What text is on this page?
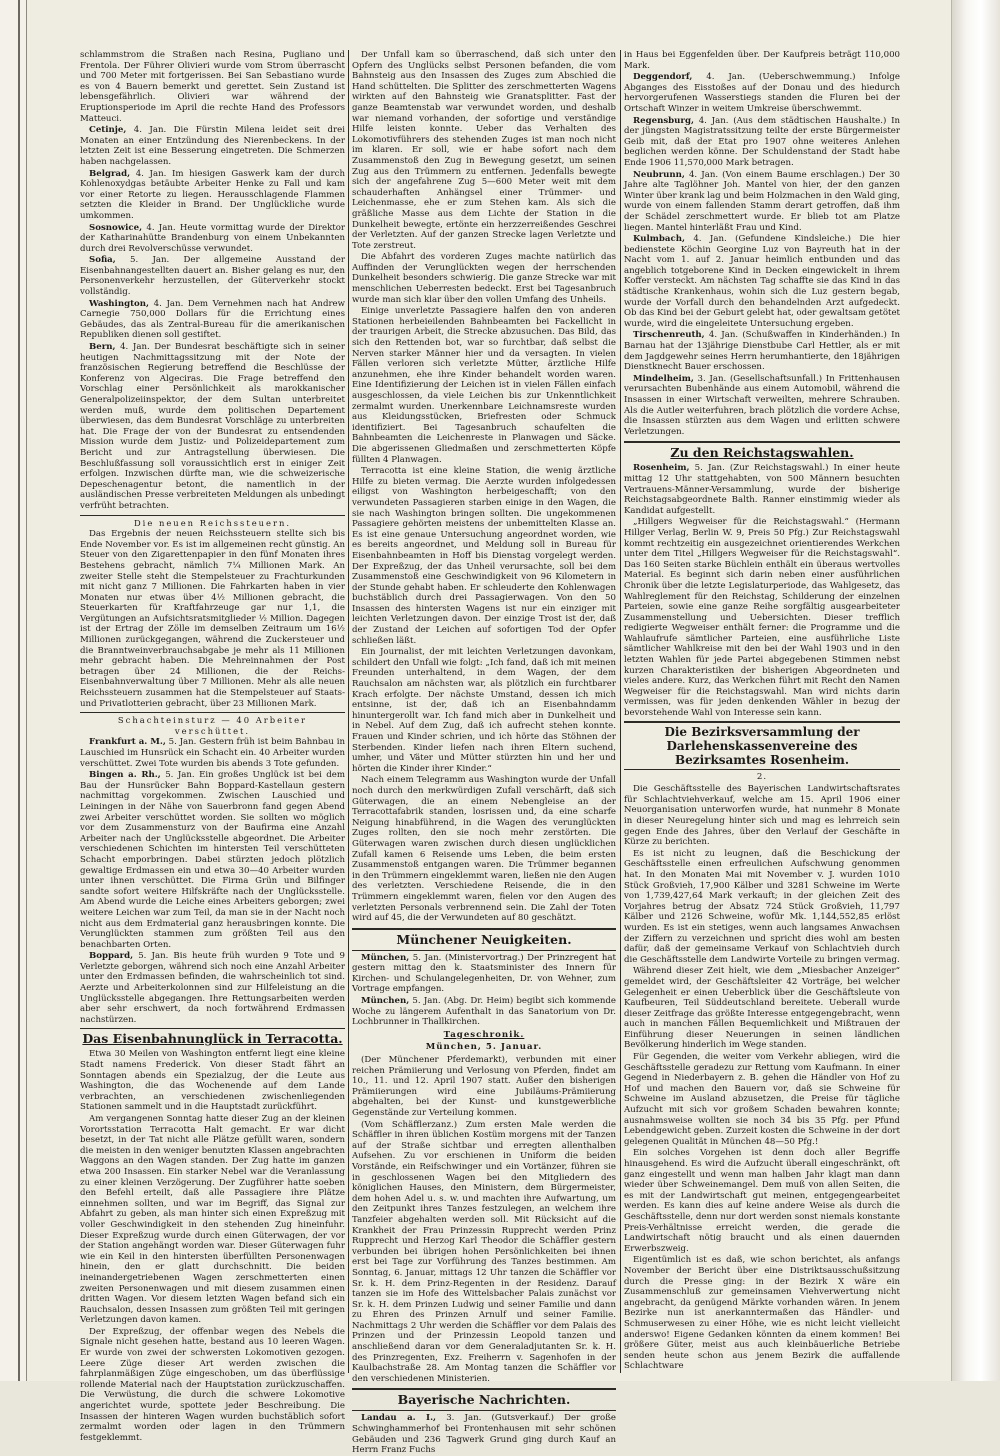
schlammstrom die Straßen nach Resina, Pugliano und Frentola. Der Führer Olivieri wurde vom Strom überrascht und 700 Meter mit fortgerissen. Bei San Sebastiano wurde es von 4 Bauern bemerkt und gerettet. Sein Zustand ist lebensgefährlich. Olivieri war während der Eruptionsperiode im April die rechte Hand des Professors Matteuci.

Cetinje, 4. Jan. Die Fürstin Milena leidet seit drei Monaten an einer Entzündung des Nierenbeckens. In der letzten Zeit ist eine Besserung eingetreten. Die Schmerzen haben nachgelassen.

Belgrad, 4. Jan. Im hiesigen Gaswerk kam der durch Kohlenoxydgas betäubte Arbeiter Henke zu Fall und kam vor einer Retorte zu liegen. Herausschlagende Flammen setzten die Kleider in Brand. Der Unglückliche wurde umkommen.

Sosnowice, 4. Jan. Heute vormittag wurde der Direktor der Katharinahütte Brandenburg von einem Unbekannten durch drei Revolverschüsse verwundet.

Sofia, 5. Jan. Der allgemeine Ausstand der Eisenbahnangestellten dauert an. Bisher gelang es nur, den Personenverkehr herzustellen, der Güterverkehr stockt vollständig.

Washington, 4. Jan. Dem Vernehmen nach hat Andrew Carnegie 750,000 Dollars für die Errichtung eines Gebäudes, das als Zentral-Bureau für die amerikanischen Republiken dienen soll gestiftet.

Bern, 4. Jan. Der Bundesrat beschäftigte sich in seiner heutigen Nachmittagssitzung mit der Note der französischen Regierung betreffend die Beschlüsse der Konferenz von Algeciras. Die Frage betreffend den Vorschlag einer Persönlichkeit als marokkanischer Generalpolizeiinspektor, der dem Sultan unterbreitet werden muß, wurde dem politischen Departement überwiesen, das dem Bundesrat Vorschläge zu unterbreiten hat. Die Frage der von der Bundesrat zu entsendenden Mission wurde dem Justiz- und Polizeidepartement zum Bericht und zur Antragstellung überwiesen. Die Beschlußfassung soll voraussichtlich erst in einiger Zeit erfolgen. Inzwischen dürfte man, wie die schweizerische Depeschenagentur betont, die namentlich in der ausländischen Presse verbreiteten Meldungen als unbedingt verfrüht betrachten.

Die neuen Reichssteuern.

Das Ergebnis der neuen Reichssteuern stellte sich bis Ende November vor. Es ist im allgemeinen recht günstig. An Steuer von den Zigarettenpapier in den fünf Monaten ihres Bestehens gebracht, nämlich 7¼ Millionen Mark. An zweiter Stelle steht die Stempelsteuer zu Frachturkunden mit nicht ganz 7 Millionen. Die Fahrkarten haben in vier Monaten nur etwas über 4½ Millionen gebracht, die Steuerkarten für Kraftfahrzeuge gar nur 1,1, die Vergütungen an Aufsichtsratsmitglieder ½ Million. Dagegen ist der Ertrag der Zölle im demselben Zeitraum um 16½ Millionen zurückgegangen, während die Zuckersteuer und die Branntweinverbrauchsabgabe je mehr als 11 Millionen mehr gebracht haben. Die Mehreinnahmen der Post betragen über 24 Millionen, die der Reichs-Eisenbahnverwaltung über 7 Millionen. Mehr als alle neuen Reichssteuern zusammen hat die Stempelsteuer auf Staats- und Privatlotterien gebracht, über 23 Millionen Mark.

Schachteinsturz — 40 Arbeiter verschüttet.

Frankfurt a. M., 5. Jan. Gestern früh ist beim Bahnbau in Lauschied im Hunsrück ein Schacht ein. 40 Arbeiter wurden verschüttet. Zwei Tote wurden bis abends 3 Tote gefunden.

Bingen a. Rh., 5. Jan. Ein großes Unglück ist bei dem Bau der Hunsrücker Bahn Boppard-Kastellaun gestern nachmittag vorgekommen. Zwischen Lauschied und Leiningen in der Nähe von Sauerbronn fand gegen Abend zwei Arbeiter verschüttet worden. Sie sollten wo möglich vor dem Zusammensturz von der Baufirma eine Anzahl Arbeiter nach der Unglücksstelle abgeordnet. Die Arbeiter verschiedenen Schichten im hintersten Teil verschütteten Schacht emporbringen. Dabei stürzten jedoch plötzlich gewaltige Erdmassen ein und etwa 30—40 Arbeiter wurden unter ihnen verschüttet. Die Firma Grün und Bilfinger sandte sofort weitere Hilfskräfte nach der Unglücksstelle. Am Abend wurde die Leiche eines Arbeiters geborgen; zwei weitere Leichen war zum Teil, da man sie in der Nacht noch nicht aus dem Erdmaterial ganz herausbringen konnte. Die Verunglückten stammen zum größten Teil aus den benachbarten Orten.

Boppard, 5. Jan. Bis heute früh wurden 9 Tote und 9 Verletzte geborgen, während sich noch eine Anzahl Arbeiter unter den Erdmassen befinden, die wahrscheinlich tot sind. Aerzte und Arbeiterkolonnen sind zur Hilfeleistung an die Unglücksstelle abgegangen. Ihre Rettungsarbeiten werden aber sehr erschwert, da noch fortwährend Erdmassen nachstürzen.

Das Eisenbahnunglück in Terracotta.

Etwa 30 Meilen von Washington entfernt liegt eine kleine Stadt namens Frederick. Von dieser Stadt fährt an Sonntagen abends ein Spezialzug, der die Leute aus Washington, die das Wochenende auf dem Lande verbrachten, an verschiedenen zwischenliegenden Stationen sammelt und in die Hauptstadt zurückführt.

Am vergangenen Sonntag hatte dieser Zug an der kleinen Vorortsstation Terracotta Halt gemacht. Er war dicht besetzt, in der Tat nicht alle Plätze gefüllt waren, sondern die meisten in den weniger benutzten Klassen angebrachten Waggons an den Wagen standen. Der Zug hatte im ganzen etwa 200 Insassen. Ein starker Nebel war die Veranlassung zu einer kleinen Verzögerung. Der Zugführer hatte soeben den Befehl erteilt, daß alle Passagiere ihre Plätze einnehmen sollten, und war im Begriff, das Signal zur Abfahrt zu geben, als man hinter sich einen Expreßzug mit voller Geschwindigkeit in den stehenden Zug hineinfuhr. Dieser Expreßzug wurde durch einen Güterwagen, der vor der Station angehängt worden war. Dieser Güterwagen fuhr wie ein Keil in den hintersten überfüllten Personenwagen hinein, den er glatt durchschnitt. Die beiden ineinandergetriebenen Wagen zerschmetterten einen zweiten Personenwagen und mit diesem zusammen einen dritten Wagen. Vor diesem letzten Wagen befand sich ein Rauchsalon, dessen Insassen zum größten Teil mit geringen Verletzungen davon kamen.

Der Expreßzug, der offenbar wegen des Nebels die Signale nicht gesehen hatte, bestand aus 10 leeren Wagen. Er wurde von zwei der schwersten Lokomotiven gezogen. Leere Züge dieser Art werden zwischen die fahrplanmäßigen Züge eingeschoben, um das überflüssige rollende Material nach der Hauptstation zurückzuschaffen. Die Verwüstung, die durch die schwere Lokomotive angerichtet wurde, spottete jeder Beschreibung. Die Insassen der hinteren Wagen wurden buchstäblich sofort zermalmt worden oder lagen in den Trümmern festgeklemmt.

Der Unfall kam so überraschend, daß sich unter den Opfern des Unglücks selbst Personen befanden, die vom Bahnsteig aus den Insassen des Zuges zum Abschied die Hand schüttelten. Die Splitter des zerschmetterten Wagens wirkten auf den Bahnsteig wie Granatsplitter. Fast der ganze Beamtenstab war verwundet worden, und deshalb war niemand vorhanden, der sofortige und verständige Hilfe leisten konnte. Ueber das Verhalten des Lokomotivführers des stehenden Zuges ist man noch nicht im klaren. Er soll, wie er habe sofort nach dem Zusammenstoß den Zug in Bewegung gesetzt, um seinen Zug aus den Trümmern zu entfernen. Jedenfalls bewegte sich der angefahrene Zug 5—600 Meter weit mit dem schauderhaften Anhängsel einer Trümmer- und Leichenmasse, ehe er zum Stehen kam. Als sich die gräßliche Masse aus dem Lichte der Station in die Dunkelheit bewegte, ertönte ein herzzerreißendes Geschrei der Verletzten. Auf der ganzen Strecke lagen Verletzte und Tote zerstreut.

Die Abfahrt des vorderen Zuges machte natürlich das Auffinden der Verunglückten wegen der herrschenden Dunkelheit besonders schwierig. Die ganze Strecke war mit menschlichen Ueberresten bedeckt. Erst bei Tagesanbruch wurde man sich klar über den vollen Umfang des Unheils.

Einige unverletzte Passagiere halfen den von anderen Stationen herbeieilenden Bahnbeamten bei Fackellicht in der traurigen Arbeit, die Strecke abzusuchen. Das Bild, das sich den Rettenden bot, war so furchtbar, daß selbst die Nerven starker Männer hier und da versagten. In vielen Fällen verloren sich verletzte Mütter, ärztliche Hilfe anzunehmen, ehe ihre Kinder behandelt worden waren. Eine Identifizierung der Leichen ist in vielen Fällen einfach ausgeschlossen, da viele Leichen bis zur Unkenntlichkeit zermalmt wurden. Unerkennbare Leichnamsreste wurden aus Kleidungsstücken, Briefresten oder Schmuck identifiziert. Bei Tagesanbruch schaufelten die Bahnbeamten die Leichenreste in Planwagen und Säcke. Die abgerissenen Gliedmaßen und zerschmetterten Köpfe füllten 4 Planwagen.

Terracotta ist eine kleine Station, die wenig ärztliche Hilfe zu bieten vermag. Die Aerzte wurden infolgedessen eiligst von Washington herbeigeschafft; von den verwundeten Passagieren starben einige in den Wagen, die sie nach Washington bringen sollten. Die ungekommenen Passagiere gehörten meistens der unbemittelten Klasse an. Es ist eine genaue Untersuchung angeordnet worden, wie es bereits angeordnet, und Meldung soll in Bureau für Eisenbahnbeamten in Hoff bis Dienstag vorgelegt werden. Der Expreßzug, der das Unheil verursachte, soll bei dem Zusammenstoß eine Geschwindigkeit von 96 Kilometern in der Stunde gehabt haben. Er schleuderte den Kohlenwagen buchstäblich durch drei Passagierwagen. Von den 50 Insassen des hintersten Wagens ist nur ein einziger mit leichten Verletzungen davon. Der einzige Trost ist der, daß der Zustand der Leichen auf sofortigen Tod der Opfer schließen läßt.

Ein Journalist, der mit leichten Verletzungen davonkam, schildert den Unfall wie folgt: „Ich fand, daß ich mit meinen Freunden unterhaltend, in dem Wagen, der dem Rauchsalon am nächsten war, als plötzlich ein furchtbarer Krach erfolgte. Der nächste Umstand, dessen ich mich entsinne, ist der, daß ich an Eisenbahndamm hinuntergerollt war. Ich fand mich aber in Dunkelheit und in Nebel. Auf dem Zug, daß ich aufrecht stehen konnte. Frauen und Kinder schrien, und ich hörte das Stöhnen der Sterbenden. Kinder liefen nach ihren Eltern suchend, umher, und Väter und Mütter stürzten hin und her und hörten die Kinder ihrer Kinder.“

Nach einem Telegramm aus Washington wurde der Unfall noch durch den merkwürdigen Zufall verschärft, daß sich Güterwagen, die an einem Nebengleise an der Terracottafabrik standen, losrissen und, da eine scharfe Neigung hinabführend, in die Wagen des verunglückten Zuges rollten, den sie noch mehr zerstörten. Die Güterwagen waren zwischen durch diesen unglücklichen Zufall kamen 6 Reisende ums Leben, die beim ersten Zusammenstoß entgangen waren. Die Trümmer begannen in den Trümmern eingeklemmt waren, ließen nie den Augen des verletzten. Verschiedene Reisende, die in den Trümmern eingeklemmt waren, fielen vor den Augen des verletzten Personals verbrennend sein. Die Zahl der Toten wird auf 45, die der Verwundeten auf 80 geschätzt.

Münchener Neuigkeiten.

München, 5. Jan. (Ministervortrag.) Der Prinzregent hat gestern mittag den k. Staatsminister des Innern für Kirchen- und Schulangelegenheiten, Dr. von Wehner, zum Vortrage empfangen.

München, 5. Jan. (Abg. Dr. Heim) begibt sich kommende Woche zu längerem Aufenthalt in das Sanatorium von Dr. Lochbrunner in Thallkirchen.

Tageschronik.
München, 5. Januar.

(Der Münchener Pferdemarkt), verbunden mit einer reichen Prämiierung und Verlosung von Pferden, findet am 10., 11. und 12. April 1907 statt. Außer den bisherigen Prämiierungen wird eine Jubiläums-Prämiierung abgehalten, bei der Kunst- und kunstgewerbliche Gegenstände zur Verteilung kommen.

(Vom Schäfflerzanz.) Zum ersten Male werden die Schäffler in ihren üblichen Kostüm morgens mit der Tanzen auf der Straße sichtbar und erregten allenthalben Aufsehen. Zu vor erschienen in Uniform die beiden Vorstände, ein Reifschwinger und ein Vortänzer, führen sie in geschlossenen Wagen bei den Mitgliedern des königlichen Hauses, den Ministern, dem Bürgermeister, dem hohen Adel u. s. w. und machten ihre Aufwartung, um den Zeitpunkt ihres Tanzes festzulegen, an welchem ihre Tanzfeier abgehalten werden soll. Mit Rücksicht auf die Krankheit der Frau Prinzessin Rupprecht werden Prinz Rupprecht und Herzog Karl Theodor die Schäffler gestern verbunden bei übrigen hohen Persönlichkeiten bei ihnen erst bei Tage zur Vorführung des Tanzes bestimmen. Am Sonntag, 6. Januar, mittags 12 Uhr tanzen die Schäffler vor Sr. k. H. dem Prinz-Regenten in der Residenz. Darauf tanzen sie im Hofe des Wittelsbacher Palais zunächst vor Sr. k. H. dem Prinzen Ludwig und seiner Familie und dann zu Ehren des Prinzen Arnulf und seiner Familie. Nachmittags 2 Uhr werden die Schäffler vor dem Palais des Prinzen und der Prinzessin Leopold tanzen und anschließend daran vor dem Generaladjutanten Sr. k. H. des Prinzregenten, Exz. Freiherrn v. Sagenhofen in der Kaulbachstraße 28. Am Montag tanzen die Schäffler vor den verschiedenen Ministerien.

Bayerische Nachrichten.

Landau a. I., 3. Jan. (Gutsverkauf.) Der große Schwinghammerhof bei Frontenhausen mit sehr schönen Gebäuden und 236 Tagwerk Grund ging durch Kauf an Herrn Franz Fuchs

in Haus bei Eggenfelden über. Der Kaufpreis beträgt 110,000 Mark.

Deggendorf, 4. Jan. (Ueberschwemmung.) Infolge Abganges des Eisstoßes auf der Donau und des hiedurch hervorgerufenen Wasserstiegs standen die Fluren bei der Ortschaft Winzer in weitem Umkreise überschwemmt.

Regensburg, 4. Jan. (Aus dem städtischen Haushalte.) In der jüngsten Magistratssitzung teilte der erste Bürgermeister Geib mit, daß der Etat pro 1907 ohne weiteres Anlehen beglichen werden könne. Der Schuldenstand der Stadt habe Ende 1906 11,570,000 Mark betragen.

Neubrunn, 4. Jan. (Von einem Baume erschlagen.) Der 30 Jahre alte Taglöhner Joh. Mantel von hier, der den ganzen Winter über krank lag und beim Holzmachen in den Wald ging, wurde von einem fallenden Stamm derart getroffen, daß ihm der Schädel zerschmettert wurde. Er blieb tot am Platze liegen. Mantel hinterläßt Frau und Kind.

Kulmbach, 4. Jan. (Gefundene Kindsleiche.) Die hier bedienstete Köchin Georgine Luz von Bayreuth hat in der Nacht vom 1. auf 2. Januar heimlich entbunden und das angeblich totgeborene Kind in Decken eingewickelt in ihrem Koffer versteckt. Am nächsten Tag schaffte sie das Kind in das städtische Krankenhaus, wohin sich die Luz gestern begab, wurde der Vorfall durch den behandelnden Arzt aufgedeckt. Ob das Kind bei der Geburt gelebt hat, oder gewaltsam getötet wurde, wird die eingeleitete Untersuchung ergeben.

Tirschenreuth, 4. Jan. (Schußwaffen in Kinderhänden.) In Barnau hat der 13jährige Dienstbube Carl Hettler, als er mit dem Jagdgewehr seines Herrn herumhantierte, den 18jährigen Dienstknecht Bauer erschossen.

Mindelheim, 3. Jan. (Gesellschaftsunfall.) In Frittenhausen verursachten Bubenhände aus einem Automobil, während die Insassen in einer Wirtschaft verweilten, mehrere Schrauben. Als die Autler weiterfuhren, brach plötzlich die vordere Achse, die Insassen stürzten aus dem Wagen und erlitten schwere Verletzungen.

Zu den Reichstagswahlen.

Rosenheim, 5. Jan. (Zur Reichstagswahl.) In einer heute mittag 12 Uhr stattgehabten, von 500 Männern besuchten Vertrauens-Männer-Versammlung, wurde der bisherige Reichstagsabgeordnete Balth. Ranner einstimmig wieder als Kandidat aufgestellt.

„Hillgers Wegweiser für die Reichstagswahl.“ (Hermann Hillger Verlag, Berlin W. 9, Preis 50 Pfg.) Zur Reichstagswahl kommt rechtzeitig ein ausgezeichnet orientierendes Werkchen unter dem Titel „Hillgers Wegweiser für die Reichstagswahl“. Das 160 Seiten starke Büchlein enthält ein überaus wertvolles Material. Es beginnt sich darin neben einer ausführlichen Chronik über die letzte Legislaturperiode, das Wahlgesetz, das Wahlreglement für den Reichstag, Schilderung der einzelnen Parteien, sowie eine ganze Reihe sorgfältig ausgearbeiteter Zusammenstellung und Uebersichten. Dieser trefflich redigierte Wegweiser enthält ferner: die Programme und die Wahlaufrufe sämtlicher Parteien, eine ausführliche Liste sämtlicher Wahlkreise mit den bei der Wahl 1903 und in den letzten Wahlen für jede Partei abgegebenen Stimmen nebst kurzen Charakteristiken der bisherigen Abgeordneten und vieles andere. Kurz, das Werkchen führt mit Recht den Namen Wegweiser für die Reichstagswahl. Man wird nichts darin vermissen, was für jeden denkenden Wähler in bezug der bevorstehende Wahl von Interesse sein kann.

Die Bezirksversammlung der Darlehenskassenvereine des Bezirksamtes Rosenheim.
2.

Die Geschäftsstelle des Bayerischen Landwirtschaftsrates für Schlachtviehverkauf, welche am 15. April 1906 einer Neuorganisation unterworfen wurde, hat nunmehr 8 Monate in dieser Neuregelung hinter sich und mag es lehrreich sein gegen Ende des Jahres, über den Verlauf der Geschäfte in Kürze zu berichten.

Es ist nicht zu leugnen, daß die Beschickung der Geschäftsstelle einen erfreulichen Aufschwung genommen hat. In den Monaten Mai mit November v. J. wurden 1010 Stück Großvieh, 17,900 Kälber und 3281 Schweine im Werte von 1,739,427,64 Mark verkauft; in der gleichen Zeit des Vorjahres betrug der Absatz 724 Stück Großvieh, 11,797 Kälber und 2126 Schweine, wofür Mk. 1,144,552,85 erlöst wurden. Es ist ein stetiges, wenn auch langsames Anwachsen der Ziffern zu verzeichnen und spricht dies wohl am besten dafür, daß der gemeinsame Verkauf von Schlachtvieh durch die Geschäftsstelle dem Landwirte Vorteile zu bringen vermag.

Während dieser Zeit hielt, wie dem „Miesbacher Anzeiger“ gemeldet wird, der Geschäftsleiter 42 Vorträge, bei welcher Gelegenheit er einen Ueberblick über die Geschäftsleute von Kaufbeuren, Teil Süddeutschland bereitete. Ueberall wurde dieser Zeitfrage das größte Interesse entgegengebracht, wenn auch in manchen Fällen Bequemlichkeit und Mißtrauen der Einführung dieser Neuerungen in seinen ländlichen Bevölkerung hinderlich im Wege standen.

Für Gegenden, die weiter vom Verkehr abliegen, wird die Geschäftsstelle geradezu zur Rettung vom Kaufmann. In einer Gegend in Niederbayern z. B. gehen die Händler von Hof zu Hof und machen den Bauern vor, daß sie Schweine für Schweine im Ausland abzusetzen, die Preise für tägliche Aufzucht mit sich vor großem Schaden bewahren konnte; ausnahmsweise wollten sie noch 34 bis 35 Pfg. per Pfund Lebendgewicht geben. Zurzeit kosten die Schweine in der dort gelegenen Qualität in München 48—50 Pfg.!

Ein solches Vorgehen ist denn doch aller Begriffe hinausgehend. Es wird die Aufzucht überall eingeschränkt, oft ganz eingestellt und wenn man halben Jahr klagt man dann wieder über Schweinemangel. Dem muß von allen Seiten, die es mit der Landwirtschaft gut meinen, entgegengearbeitet werden. Es kann dies auf keine andere Weise als durch die Geschäftsstelle, denn nur dort werden sonst niemals konstante Preis-Verhältnisse erreicht werden, die gerade die Landwirtschaft nötig braucht und als einen dauernden Erwerbszweig.

Eigentümlich ist es daß, wie schon berichtet, als anfangs November der Bericht über eine Distriktsausschußsitzung durch die Presse ging: in der Bezirk X wäre ein Zusammenschluß zur gemeinsamen Viehverwertung nicht angebracht, da genügend Märkte vorhanden wären. In jenem Bezirke nun ist anerkanntermaßen das Händler- und Schmuserwesen zu einer Höhe, wie es nicht leicht vielleicht anderswo! Eigene Gedanken könnten da einem kommen! Bei größere Güter, meist aus auch kleinbäuerliche Betriebe senden heute schon aus jenem Bezirk die auffallende Schlachtware
